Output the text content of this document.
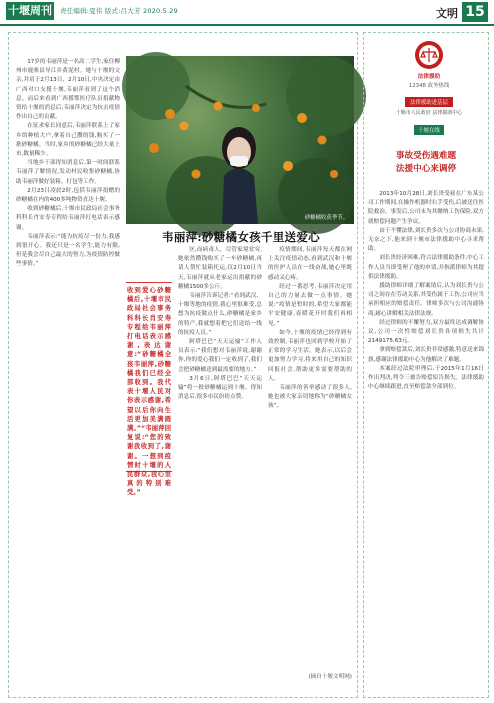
十堰周刊	责任编辑:夏伟 版式:吕大芳 2020.5.29	文明 15

17岁的韦丽萍是一名高二学生,家住柳州市鹿寨县导江乡黄泥村。她与十堰的父亲,并肩于2月13日、2月10日,中央决定由广西对口支援十堰,韦丽萍看到了这个消息。而后来看到广西援鄂医疗队员捐献物资给十堰的消息后,韦丽萍决定为抗击疫情作出自己的贡献。

在征求家长同意后,韦丽萍联系上了家乡的种植大户,拿着自己攒的钱,购买了一批砂糖橘。当时,家乡的砂糖橘已经大量上市,数量稀少。

当地乡干部得知消息后,第一时间联系韦丽萍了解情况,发动村民收集砂糖橘,协助韦丽萍做好装箱、打包等工作。

2月23日凌晨2时,包括韦丽萍捐赠的砂糖橘在内的400多吨物资直达十堰。

收到砂糖橘后,十堰市民政局社会事务科科长肖安寿专程给韦丽萍打电话表示感谢。

韦丽萍表示:“能为抗疫尽一份力,我感到很开心。我还只是一名学生,能力有限,但是我会尽自己最大的努力,为疫情防控做些事情。”

砂糖橘收获季节。
韦丽萍:砂糖橘女孩千里送爱心
收到爱心砂糖橘后,十堰市民政局社会事务科科长肖安寿专程给韦丽萍打电话表示感谢,表达谢意:“砂糖橘全孩韦丽萍,砂糖橘我们已经全部收到。我代表十堰人民对你表示感谢,希望以后你向生活更加美满圆满。”“韦丽萍回复说:“您的致谢我收到了,谢谢。一想到疫情时十堰的人民群众,我心里真的特别难受。”

区,而病毒人。尽管家境贫穷,她依然攒钱购买了一车砂糖橘,再请人帮忙装箱托运,仅2月10日当天,韦丽萍就从老家运出捐献的砂糖橘1500多公斤。

韦丽萍告诉记者:“看到武汉、十堰等地的疫情,我心里很难受,总想为抗疫做点什么,砂糖橘是家乡的特产,我就想着把它们送给一线的抗疫人员。”

阿塔巴巴“天天运输”工作人员表示:“我们想对韦丽萍说,谢谢你,你的爱心我们一定收到了,我们会把砂糖橘送到最需要的地方。”

3月6日,阿塔巴巴“天天运输”将一批砂糖橘运到十堰。得知消息后,很多市民纷纷点赞。

疫情期间,韦丽萍每天都在网上关注疫情动态,看到武汉和十堰的医护人员在一线奋战,她心里既感动又心疼。

经过一番思考,韦丽萍决定用自己的力量去做一点事情。她说:“疫情是暂时的,希望大家都能平安健康,春暖花开时我们再相见。”

如今,十堰的疫情已经得到有效控制,韦丽萍也回到学校开始了正常的学习生活。她表示,以后会更加努力学习,将来用自己的知识回报社会,帮助更多需要帮助的人。

韦丽萍的善举感动了很多人,她也被大家亲切地称为“砂糖橘女孩”。

(摘自十堰文明网)
法律援助
12348 政务热线
法律援助进基层
十堰市人民政府 法律援助中心
十堰在线
事故受伤遇难题
法援中心来调停

2013年10月28日,刘长贵受雇在广东某公司工作期间,在操作机器时右手受伤,后被送往医院救治。事发后,公司未为其缴纳工伤保险,双方就赔偿问题产生争议。

由于不懂法律,刘长贵多次与公司协商未果,无奈之下,他来到十堰市法律援助中心寻求帮助。

刘长贵经济困难,符合法律援助条件,中心工作人员当即受理了他的申请,并指派律师为其提供法律援助。

援助律师详细了解案情后,认为刘长贵与公司之间存在劳动关系,其受伤属于工伤,公司应当承担相应的赔偿责任。律师多次与公司沟通协商,耐心讲解相关法律法规。

经过律师的不懈努力,双方最终达成调解协议,公司一次性赔偿刘长贵各项损失共计2149175.63元。

拿到赔偿款后,刘长贵非常感激,特意送来锦旗,感谢法律援助中心为他解决了难题。

本案经过法院审理后,于2015年1月16日作出判决,判令三被告赔偿原告损失。法律援助中心继续跟进,直至赔偿款全部到位。
